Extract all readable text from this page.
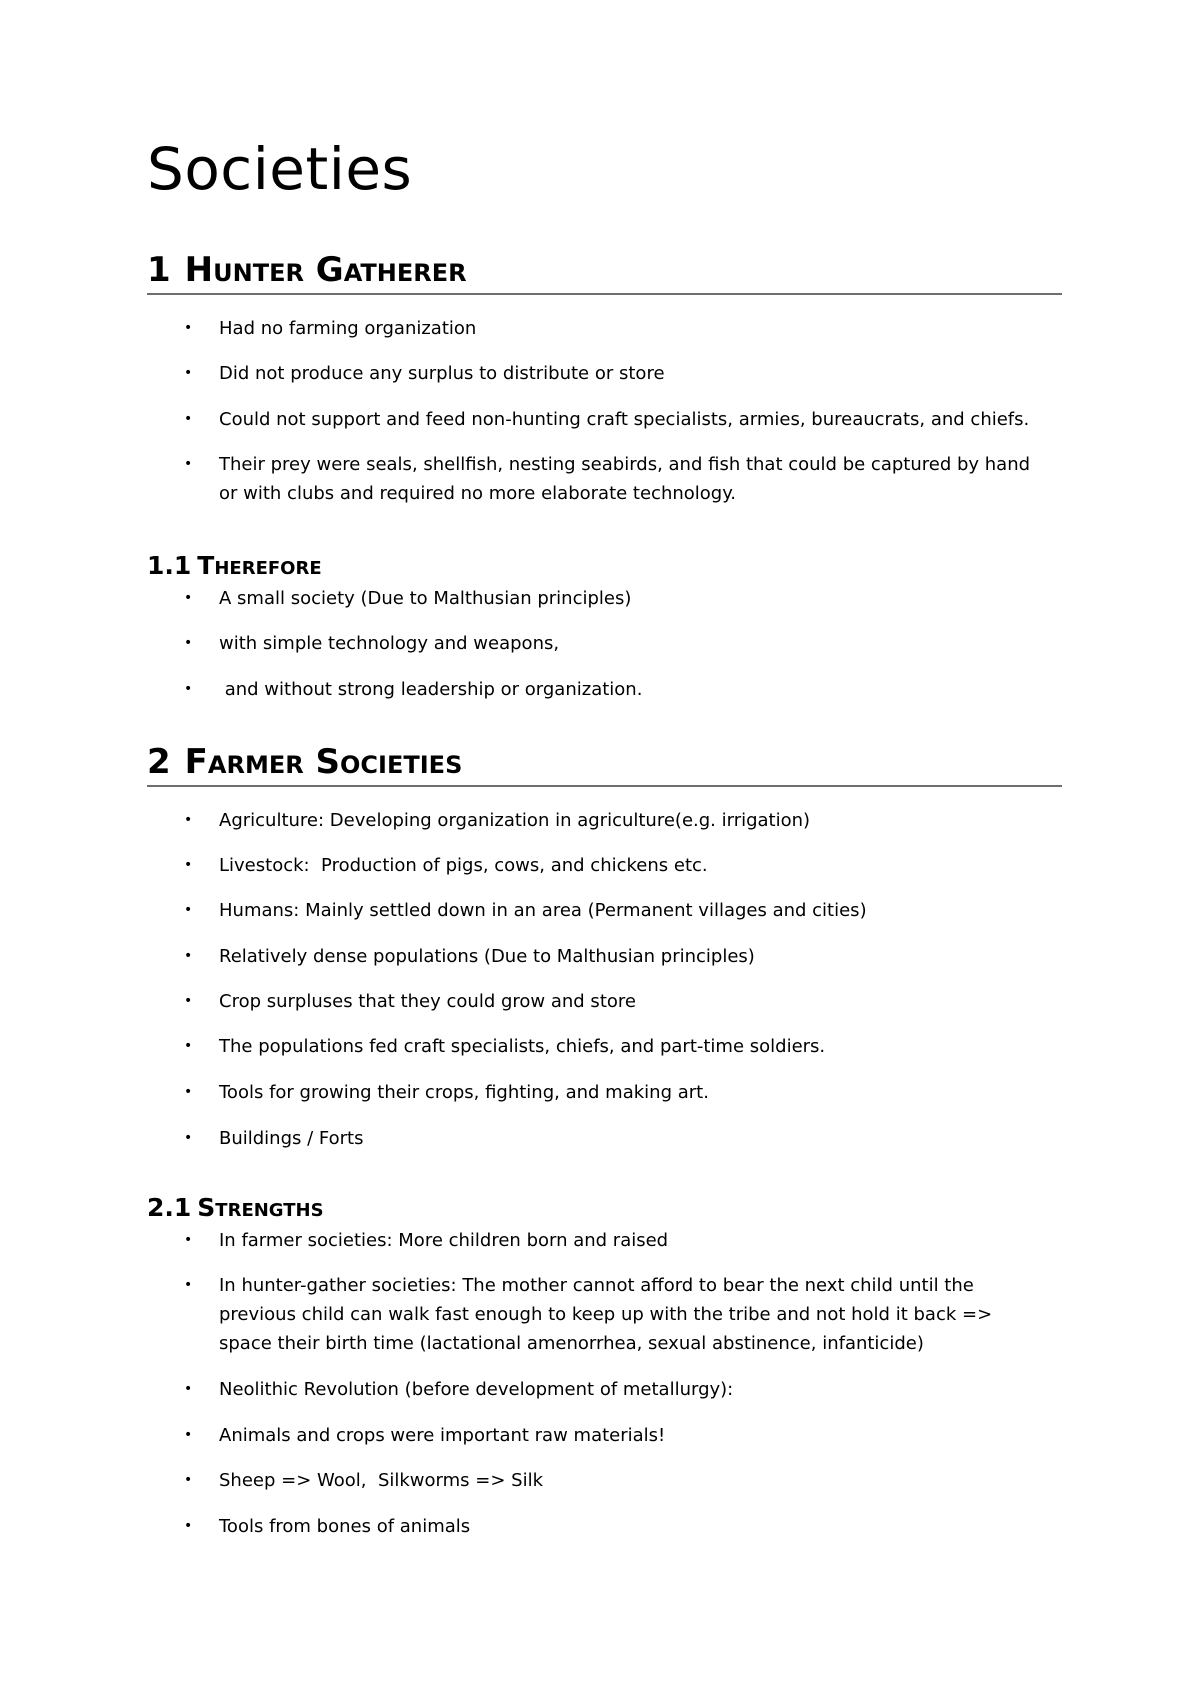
Societies
1 Hunter Gatherer
• Had no farming organization
• Did not produce any surplus to distribute or store
• Could not support and feed non-hunting craft specialists, armies, bureaucrats, and chiefs.
• Their prey were seals, shellfish, nesting seabirds, and fish that could be captured by hand or with clubs and required no more elaborate technology.
1.1 Therefore
• A small society (Due to Malthusian principles)
• with simple technology and weapons,
• and without strong leadership or organization.
2 Farmer Societies
• Agriculture: Developing organization in agriculture(e.g. irrigation)
• Livestock:  Production of pigs, cows, and chickens etc.
• Humans: Mainly settled down in an area (Permanent villages and cities)
• Relatively dense populations (Due to Malthusian principles)
• Crop surpluses that they could grow and store
• The populations fed craft specialists, chiefs, and part-time soldiers.
• Tools for growing their crops, fighting, and making art.
• Buildings / Forts
2.1 Strengths
• In farmer societies: More children born and raised
• In hunter-gather societies: The mother cannot afford to bear the next child until the previous child can walk fast enough to keep up with the tribe and not hold it back => space their birth time (lactational amenorrhea, sexual abstinence, infanticide)
• Neolithic Revolution (before development of metallurgy):
• Animals and crops were important raw materials!
• Sheep => Wool,  Silkworms => Silk
• Tools from bones of animals
